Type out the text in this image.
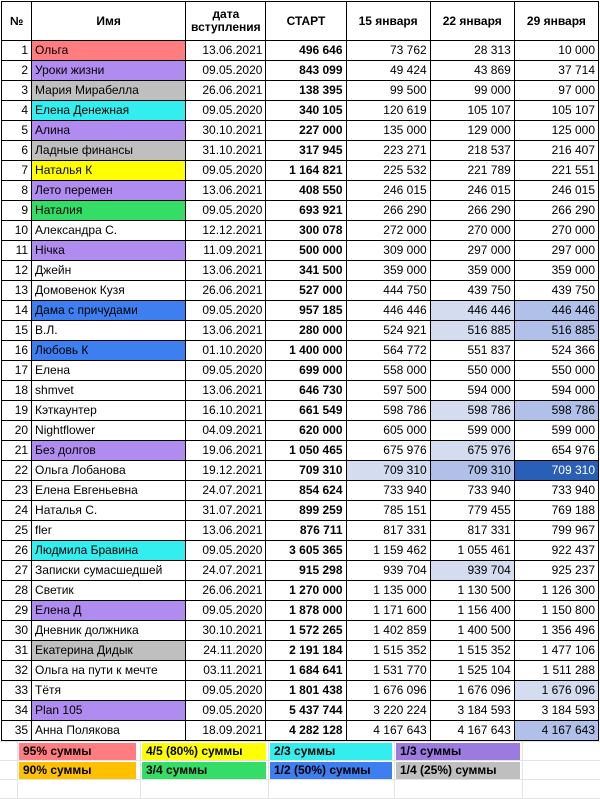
№	Имя	дата вступления	СТАРТ	15 января	22 января	29 января
1	Ольга	13.06.2021	496 646	73 762	28 313	10 000
2	Уроки жизни	09.05.2020	843 099	49 424	43 869	37 714
3	Мария Мирабелла	26.06.2021	138 395	99 500	99 000	97 000
4	Елена Денежная	09.05.2020	340 105	120 619	105 107	105 107
5	Алина	30.10.2021	227 000	135 000	129 000	125 000
6	Ладные финансы	31.10.2021	317 945	223 271	218 537	216 407
7	Наталья К	09.05.2020	1 164 821	225 532	221 789	221 551
8	Лето перемен	13.06.2021	408 550	246 015	246 015	246 015
9	Наталия	09.05.2020	693 921	266 290	266 290	266 290
10	Александра С.	12.12.2021	300 078	272 000	270 000	270 000
11	Нічка	11.09.2021	500 000	309 000	297 000	297 000
12	Джейн	13.06.2021	341 500	359 000	359 000	359 000
13	Домовенок Кузя	26.06.2021	527 000	444 750	439 750	439 750
14	Дама с причудами	09.05.2020	957 185	446 446	446 446	446 446
15	В.Л.	13.06.2021	280 000	524 921	516 885	516 885
16	Любовь К	01.10.2020	1 400 000	564 772	551 837	524 366
17	Елена	09.05.2020	699 000	558 000	550 000	550 000
18	shmvet	13.06.2021	646 730	597 500	594 000	594 000
19	Кэткаунтер	16.10.2021	661 549	598 786	598 786	598 786
20	Nightflower	04.09.2021	620 000	605 000	599 000	599 000
21	Без долгов	19.06.2021	1 050 465	675 976	675 976	654 976
22	Ольга Лобанова	19.12.2021	709 310	709 310	709 310	709 310
23	Елена Евгеньевна	24.07.2021	854 624	733 940	733 940	733 940
24	Наталья С.	31.07.2021	899 259	785 151	779 455	769 188
25	fler	13.06.2021	876 711	817 331	817 331	799 967
26	Людмила Бравина	09.05.2020	3 605 365	1 159 462	1 055 461	922 437
27	Записки сумасшедшей	24.07.2021	915 298	939 704	939 704	925 237
28	Светик	26.06.2021	1 270 000	1 135 000	1 130 500	1 126 300
29	Елена Д	09.05.2020	1 878 000	1 171 600	1 156 400	1 150 800
30	Дневник должника	30.10.2021	1 572 265	1 402 859	1 400 500	1 356 496
31	Екатерина Дидык	24.11.2020	2 191 184	1 515 352	1 515 352	1 477 106
32	Ольга на пути к мечте	03.11.2021	1 684 641	1 531 770	1 525 104	1 511 288
33	Тётя	09.05.2020	1 801 438	1 676 096	1 676 096	1 676 096
34	Plan 105	09.05.2020	5 437 744	3 220 224	3 184 593	3 184 593
35	Анна Полякова	18.09.2021	4 282 128	4 167 643	4 167 643	4 167 643
95% суммы
90% суммы
4/5 (80%) суммы
3/4 суммы
2/3 суммы
1/2 (50%) суммы
1/3 суммы
1/4 (25%) суммы
